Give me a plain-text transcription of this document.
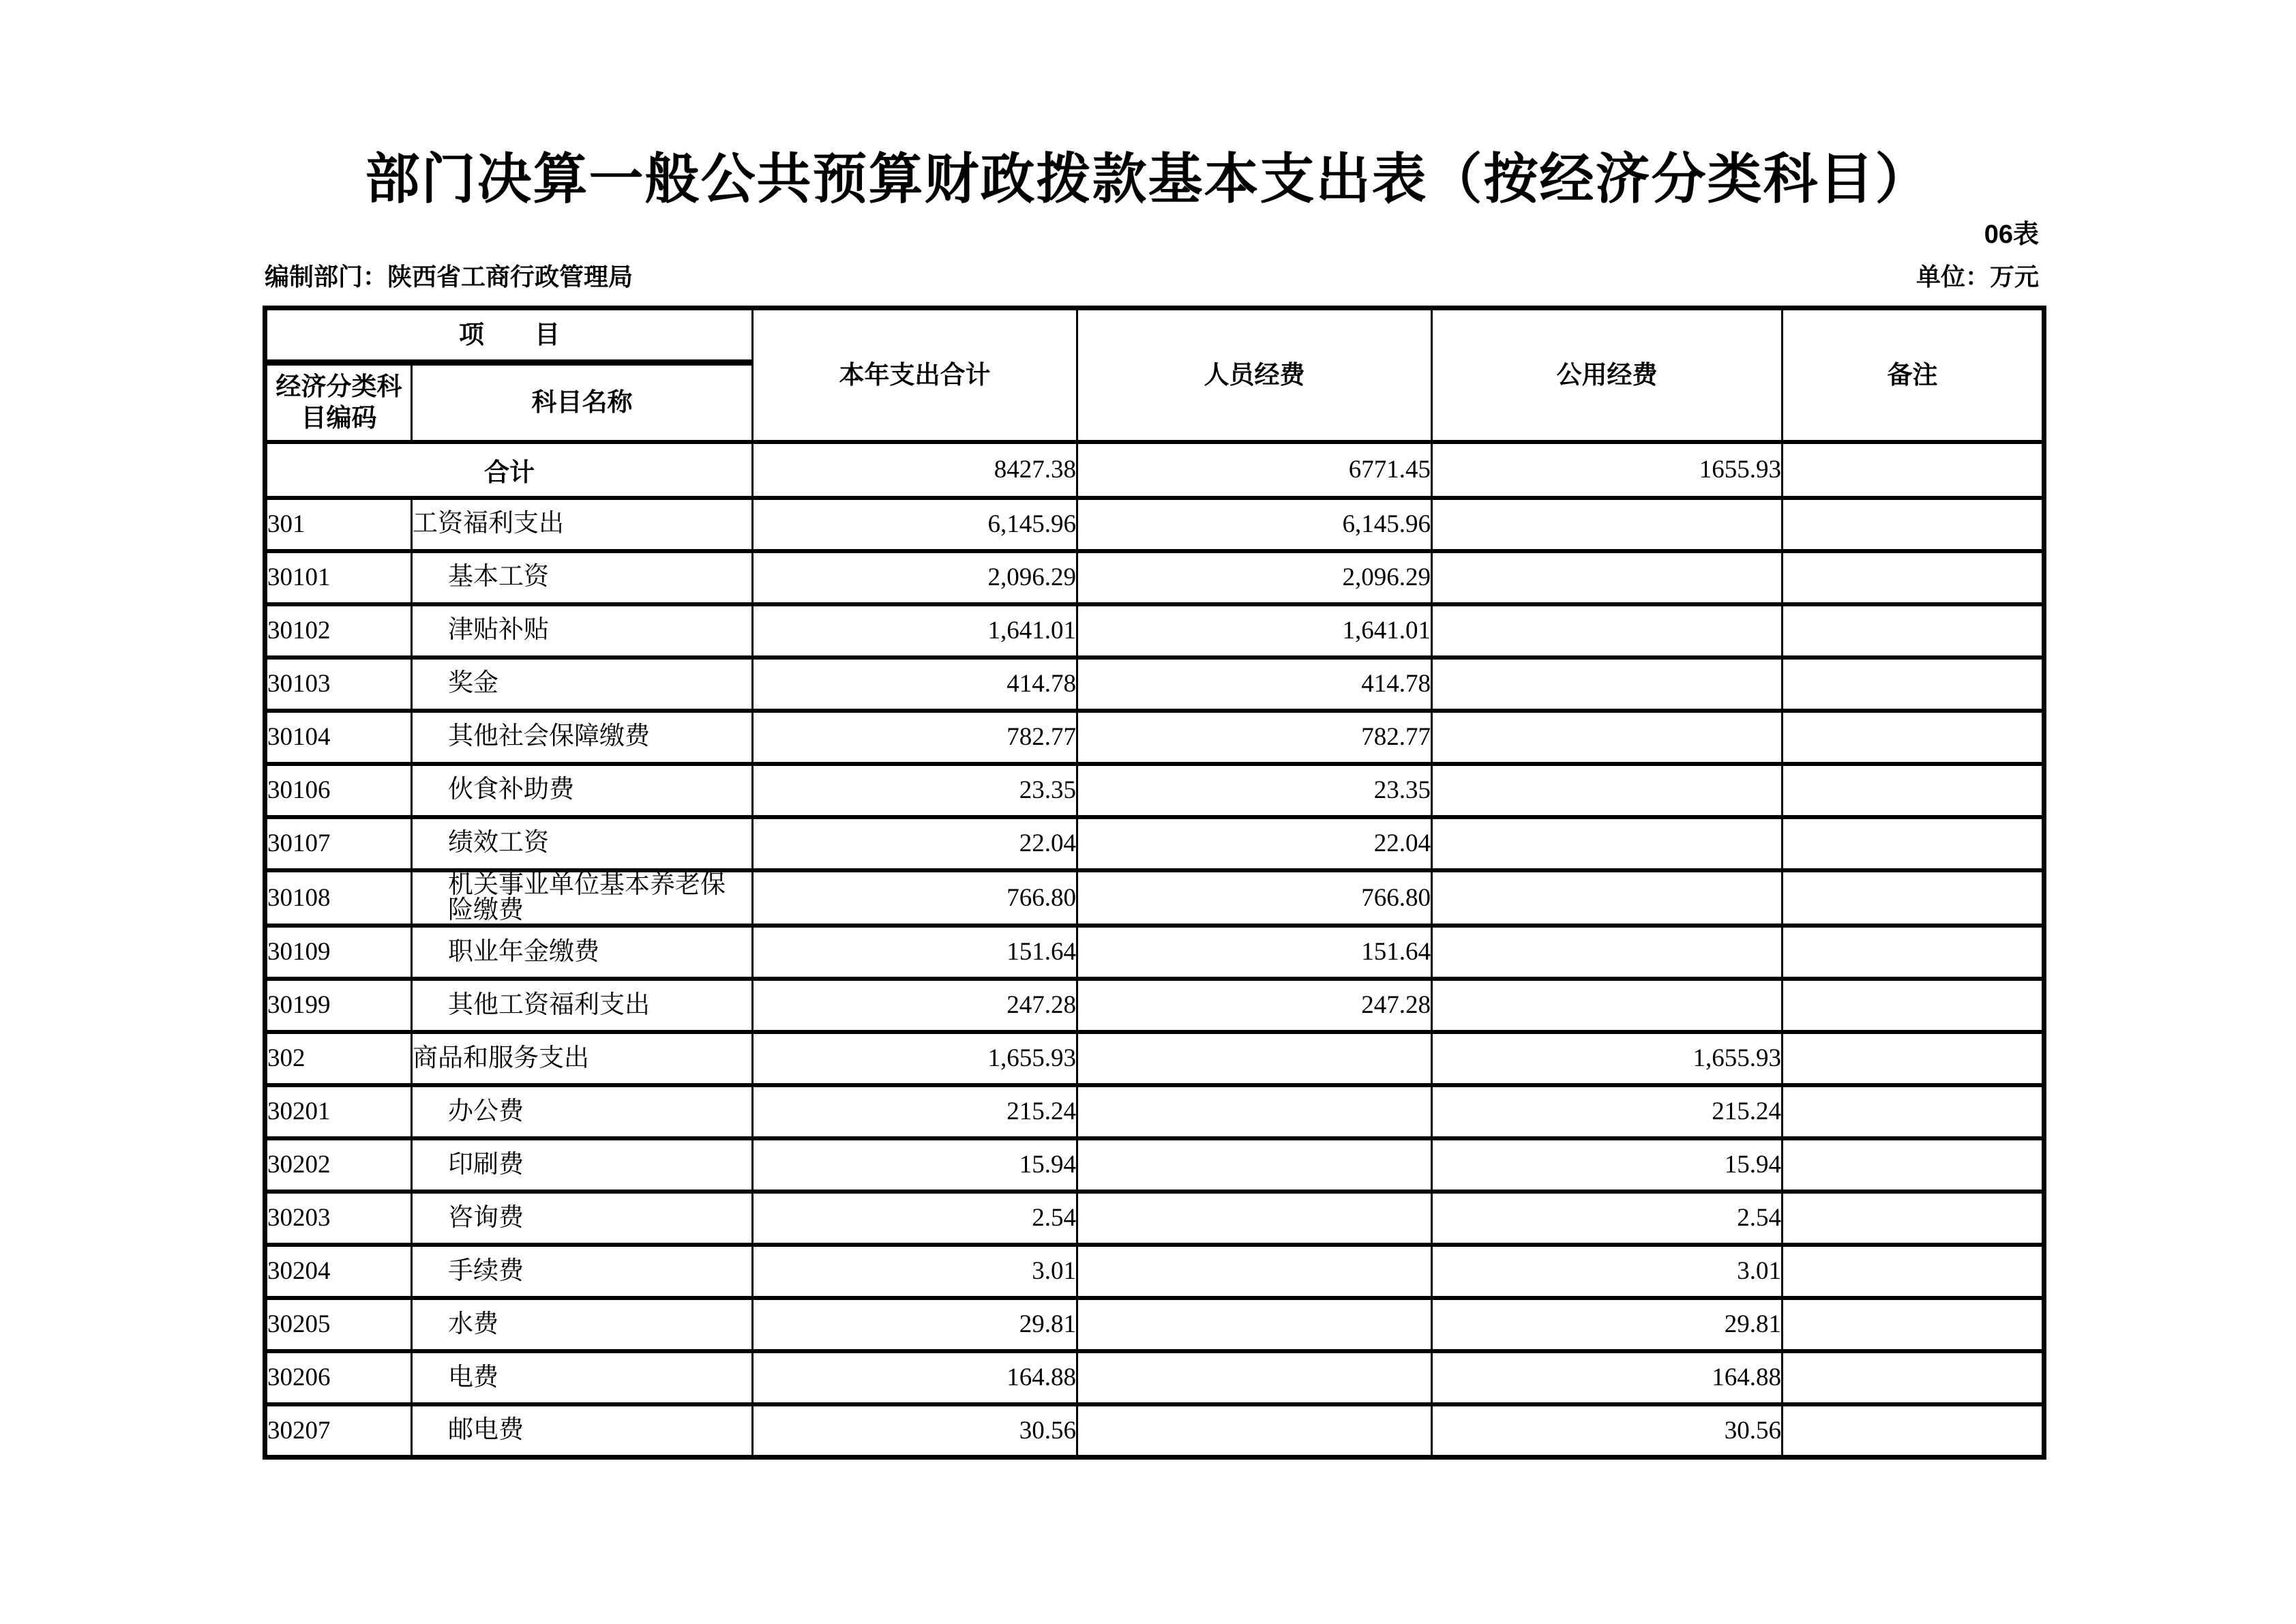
部门决算一般公共预算财政拨款基本支出表（按经济分类科目）
06表
编制部门：陕西省工商行政管理局	单位：万元
项　　目		本年支出合计	人员经费	公用经费	备注
经济分类科目编码	科目名称				
合计		8427.38	6771.45	1655.93	
301	工资福利支出	6,145.96	6,145.96		
30101	基本工资	2,096.29	2,096.29		
30102	津贴补贴	1,641.01	1,641.01		
30103	奖金	414.78	414.78		
30104	其他社会保障缴费	782.77	782.77		
30106	伙食补助费	23.35	23.35		
30107	绩效工资	22.04	22.04		
30108	机关事业单位基本养老保险缴费	766.80	766.80		
30109	职业年金缴费	151.64	151.64		
30199	其他工资福利支出	247.28	247.28		
302	商品和服务支出	1,655.93		1,655.93	
30201	办公费	215.24		215.24	
30202	印刷费	15.94		15.94	
30203	咨询费	2.54		2.54	
30204	手续费	3.01		3.01	
30205	水费	29.81		29.81	
30206	电费	164.88		164.88	
30207	邮电费	30.56		30.56	
